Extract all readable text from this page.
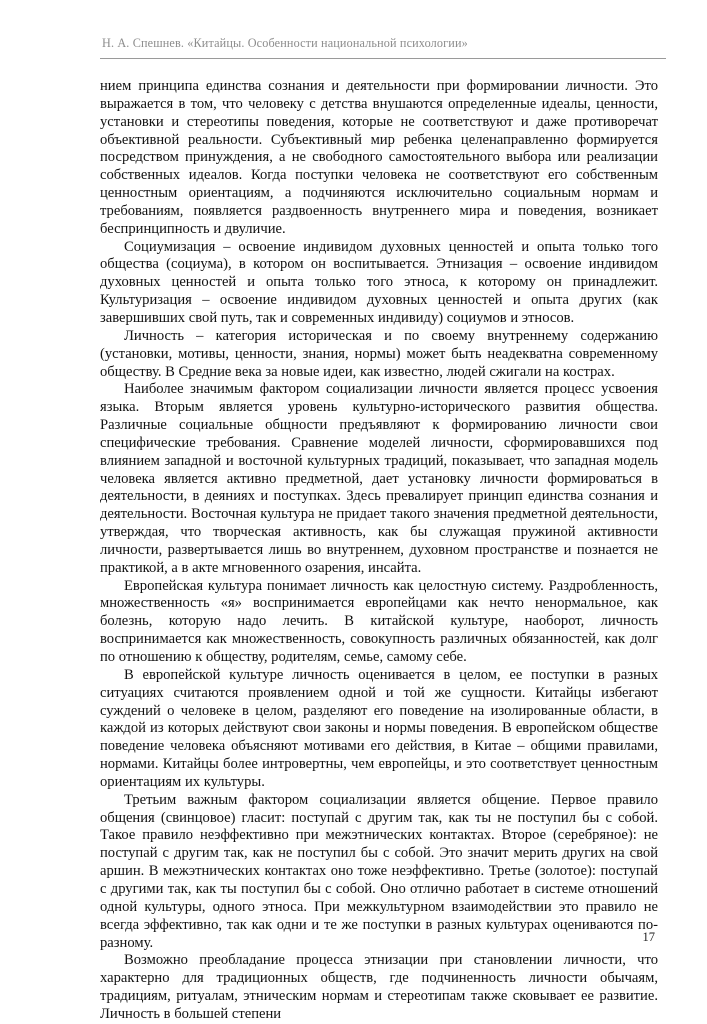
Н. А. Спешнев. «Китайцы. Особенности национальной психологии»

нием принципа единства сознания и деятельности при формировании личности. Это выражается в том, что человеку с детства внушаются определенные идеалы, ценности, установки и стереотипы поведения, которые не соответствуют и даже противоречат объективной реальности. Субъективный мир ребенка целенаправленно формируется посредством принуждения, а не свободного самостоятельного выбора или реализации собственных идеалов. Когда поступки человека не соответствуют его собственным ценностным ориентациям, а подчиняются исключительно социальным нормам и требованиям, появляется раздвоенность внутреннего мира и поведения, возникает беспринципность и двуличие.

Социумизация – освоение индивидом духовных ценностей и опыта только того общества (социума), в котором он воспитывается. Этнизация – освоение индивидом духовных ценностей и опыта только того этноса, к которому он принадлежит. Культуризация – освоение индивидом духовных ценностей и опыта других (как завершивших свой путь, так и современных индивиду) социумов и этносов.

Личность – категория историческая и по своему внутреннему содержанию (установки, мотивы, ценности, знания, нормы) может быть неадекватна современному обществу. В Средние века за новые идеи, как известно, людей сжигали на кострах.

Наиболее значимым фактором социализации личности является процесс усвоения языка. Вторым является уровень культурно-исторического развития общества. Различные социальные общности предъявляют к формированию личности свои специфические требования. Сравнение моделей личности, сформировавшихся под влиянием западной и восточной культурных традиций, показывает, что западная модель человека является активно предметной, дает установку личности формироваться в деятельности, в деяниях и поступках. Здесь превалирует принцип единства сознания и деятельности. Восточная культура не придает такого значения предметной деятельности, утверждая, что творческая активность, как бы служащая пружиной активности личности, развертывается лишь во внутреннем, духовном пространстве и познается не практикой, а в акте мгновенного озарения, инсайта.

Европейская культура понимает личность как целостную систему. Раздробленность, множественность «я» воспринимается европейцами как нечто ненормальное, как болезнь, которую надо лечить. В китайской культуре, наоборот, личность воспринимается как множественность, совокупность различных обязанностей, как долг по отношению к обществу, родителям, семье, самому себе.

В европейской культуре личность оценивается в целом, ее поступки в разных ситуациях считаются проявлением одной и той же сущности. Китайцы избегают суждений о человеке в целом, разделяют его поведение на изолированные области, в каждой из которых действуют свои законы и нормы поведения. В европейском обществе поведение человека объясняют мотивами его действия, в Китае – общими правилами, нормами. Китайцы более интровертны, чем европейцы, и это соответствует ценностным ориентациям их культуры.

Третьим важным фактором социализации является общение. Первое правило общения (свинцовое) гласит: поступай с другим так, как ты не поступил бы с собой. Такое правило неэффективно при межэтнических контактах. Второе (серебряное): не поступай с другим так, как не поступил бы с собой. Это значит мерить других на свой аршин. В межэтнических контактах оно тоже неэффективно. Третье (золотое): поступай с другими так, как ты поступил бы с собой. Оно отлично работает в системе отношений одной культуры, одного этноса. При межкультурном взаимодействии это правило не всегда эффективно, так как одни и те же поступки в разных культурах оцениваются по-разному.

Возможно преобладание процесса этнизации при становлении личности, что характерно для традиционных обществ, где подчиненность личности обычаям, традициям, ритуалам, этническим нормам и стереотипам также сковывает ее развитие. Личность в большей степени

17
